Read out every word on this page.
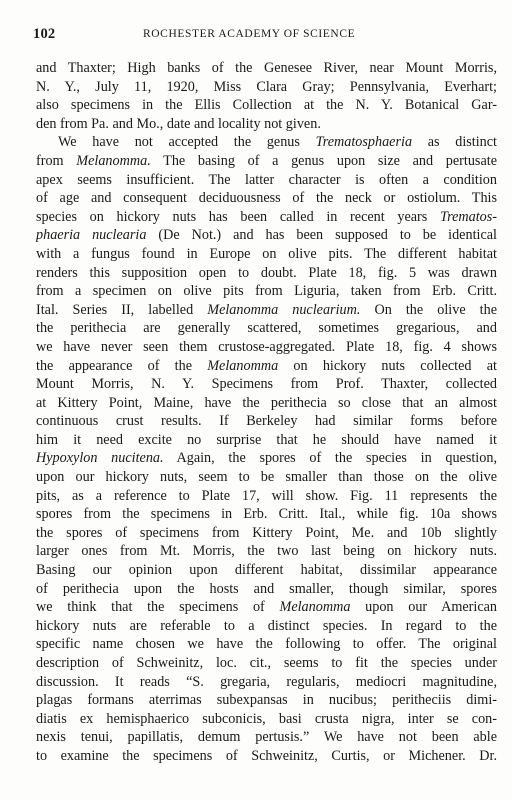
102	ROCHESTER ACADEMY OF SCIENCE
and Thaxter; High banks of the Genesee River, near Mount Morris,
N. Y., July 11, 1920, Miss Clara Gray; Pennsylvania, Everhart;
also specimens in the Ellis Collection at the N. Y. Botanical Gar-
den from Pa. and Mo., date and locality not given.
We have not accepted the genus Trematosphaeria as distinct
from Melanomma. The basing of a genus upon size and pertusate
apex seems insufficient. The latter character is often a condition
of age and consequent deciduousness of the neck or ostiolum. This
species on hickory nuts has been called in recent years Trematos-
phaeria nuclearia (De Not.) and has been supposed to be identical
with a fungus found in Europe on olive pits. The different habitat
renders this supposition open to doubt. Plate 18, fig. 5 was drawn
from a specimen on olive pits from Liguria, taken from Erb. Critt.
Ital. Series II, labelled Melanomma nuclearium. On the olive the
the perithecia are generally scattered, sometimes gregarious, and
we have never seen them crustose-aggregated. Plate 18, fig. 4 shows
the appearance of the Melanomma on hickory nuts collected at
Mount Morris, N. Y. Specimens from Prof. Thaxter, collected
at Kittery Point, Maine, have the perithecia so close that an almost
continuous crust results. If Berkeley had similar forms before
him it need excite no surprise that he should have named it
Hypoxylon nucitena. Again, the spores of the species in question,
upon our hickory nuts, seem to be smaller than those on the olive
pits, as a reference to Plate 17, will show. Fig. 11 represents the
spores from the specimens in Erb. Critt. Ital., while fig. 10a shows
the spores of specimens from Kittery Point, Me. and 10b slightly
larger ones from Mt. Morris, the two last being on hickory nuts.
Basing our opinion upon different habitat, dissimilar appearance
of perithecia upon the hosts and smaller, though similar, spores
we think that the specimens of Melanomma upon our American
hickory nuts are referable to a distinct species. In regard to the
specific name chosen we have the following to offer. The original
description of Schweinitz, loc. cit., seems to fit the species under
discussion. It reads “S. gregaria, regularis, mediocri magnitudine,
plagas formans aterrimas subexpansas in nucibus; peritheciis dimi-
diatis ex hemisphaerico subconicis, basi crusta nigra, inter se con-
nexis tenui, papillatis, demum pertusis.” We have not been able
to examine the specimens of Schweinitz, Curtis, or Michener. Dr.
